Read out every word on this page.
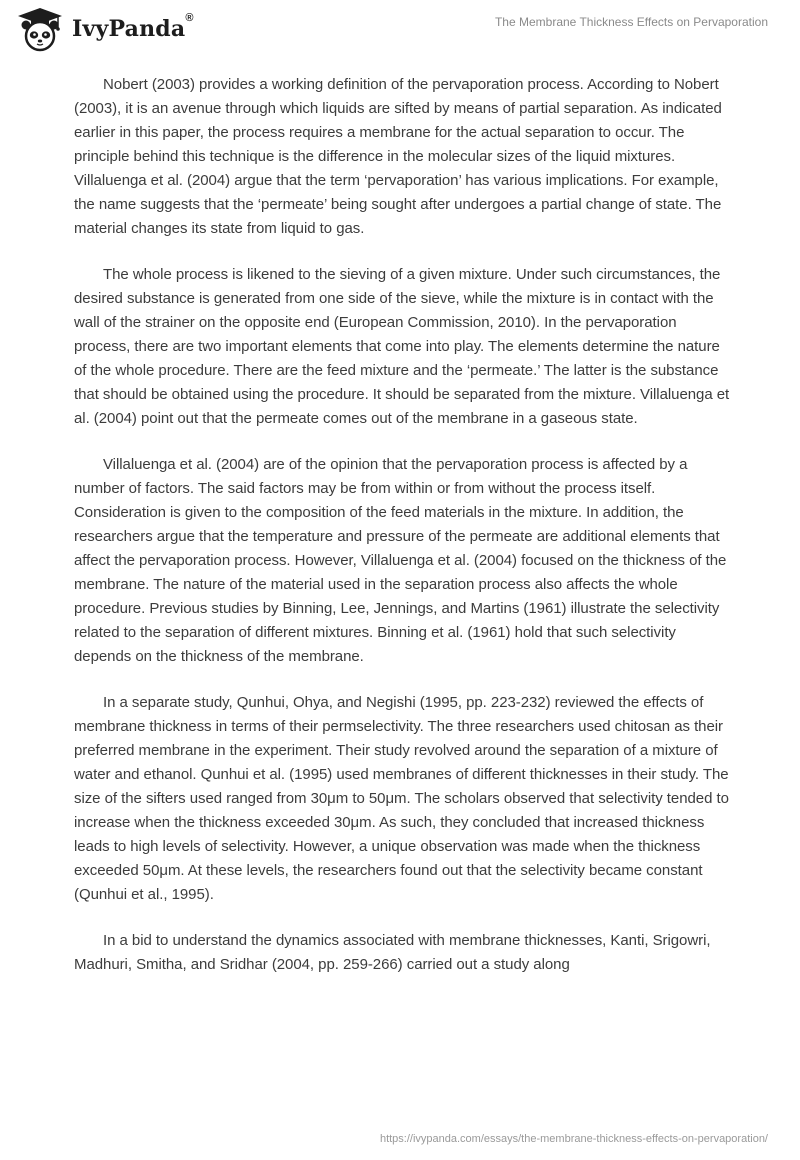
IvyPanda®	The Membrane Thickness Effects on Pervaporation

Nobert (2003) provides a working definition of the pervaporation process. According to Nobert (2003), it is an avenue through which liquids are sifted by means of partial separation. As indicated earlier in this paper, the process requires a membrane for the actual separation to occur. The principle behind this technique is the difference in the molecular sizes of the liquid mixtures. Villaluenga et al. (2004) argue that the term ‘pervaporation’ has various implications. For example, the name suggests that the ‘permeate’ being sought after undergoes a partial change of state. The material changes its state from liquid to gas.

The whole process is likened to the sieving of a given mixture. Under such circumstances, the desired substance is generated from one side of the sieve, while the mixture is in contact with the wall of the strainer on the opposite end (European Commission, 2010). In the pervaporation process, there are two important elements that come into play. The elements determine the nature of the whole procedure. There are the feed mixture and the ‘permeate.’ The latter is the substance that should be obtained using the procedure. It should be separated from the mixture. Villaluenga et al. (2004) point out that the permeate comes out of the membrane in a gaseous state.

Villaluenga et al. (2004) are of the opinion that the pervaporation process is affected by a number of factors. The said factors may be from within or from without the process itself. Consideration is given to the composition of the feed materials in the mixture. In addition, the researchers argue that the temperature and pressure of the permeate are additional elements that affect the pervaporation process. However, Villaluenga et al. (2004) focused on the thickness of the membrane. The nature of the material used in the separation process also affects the whole procedure. Previous studies by Binning, Lee, Jennings, and Martins (1961) illustrate the selectivity related to the separation of different mixtures. Binning et al. (1961) hold that such selectivity depends on the thickness of the membrane.

In a separate study, Qunhui, Ohya, and Negishi (1995, pp. 223-232) reviewed the effects of membrane thickness in terms of their permselectivity. The three researchers used chitosan as their preferred membrane in the experiment. Their study revolved around the separation of a mixture of water and ethanol. Qunhui et al. (1995) used membranes of different thicknesses in their study. The size of the sifters used ranged from 30μm to 50μm. The scholars observed that selectivity tended to increase when the thickness exceeded 30μm. As such, they concluded that increased thickness leads to high levels of selectivity. However, a unique observation was made when the thickness exceeded 50μm. At these levels, the researchers found out that the selectivity became constant (Qunhui et al., 1995).

In a bid to understand the dynamics associated with membrane thicknesses, Kanti, Srigowri, Madhuri, Smitha, and Sridhar (2004, pp. 259-266) carried out a study along

https://ivypanda.com/essays/the-membrane-thickness-effects-on-pervaporation/
